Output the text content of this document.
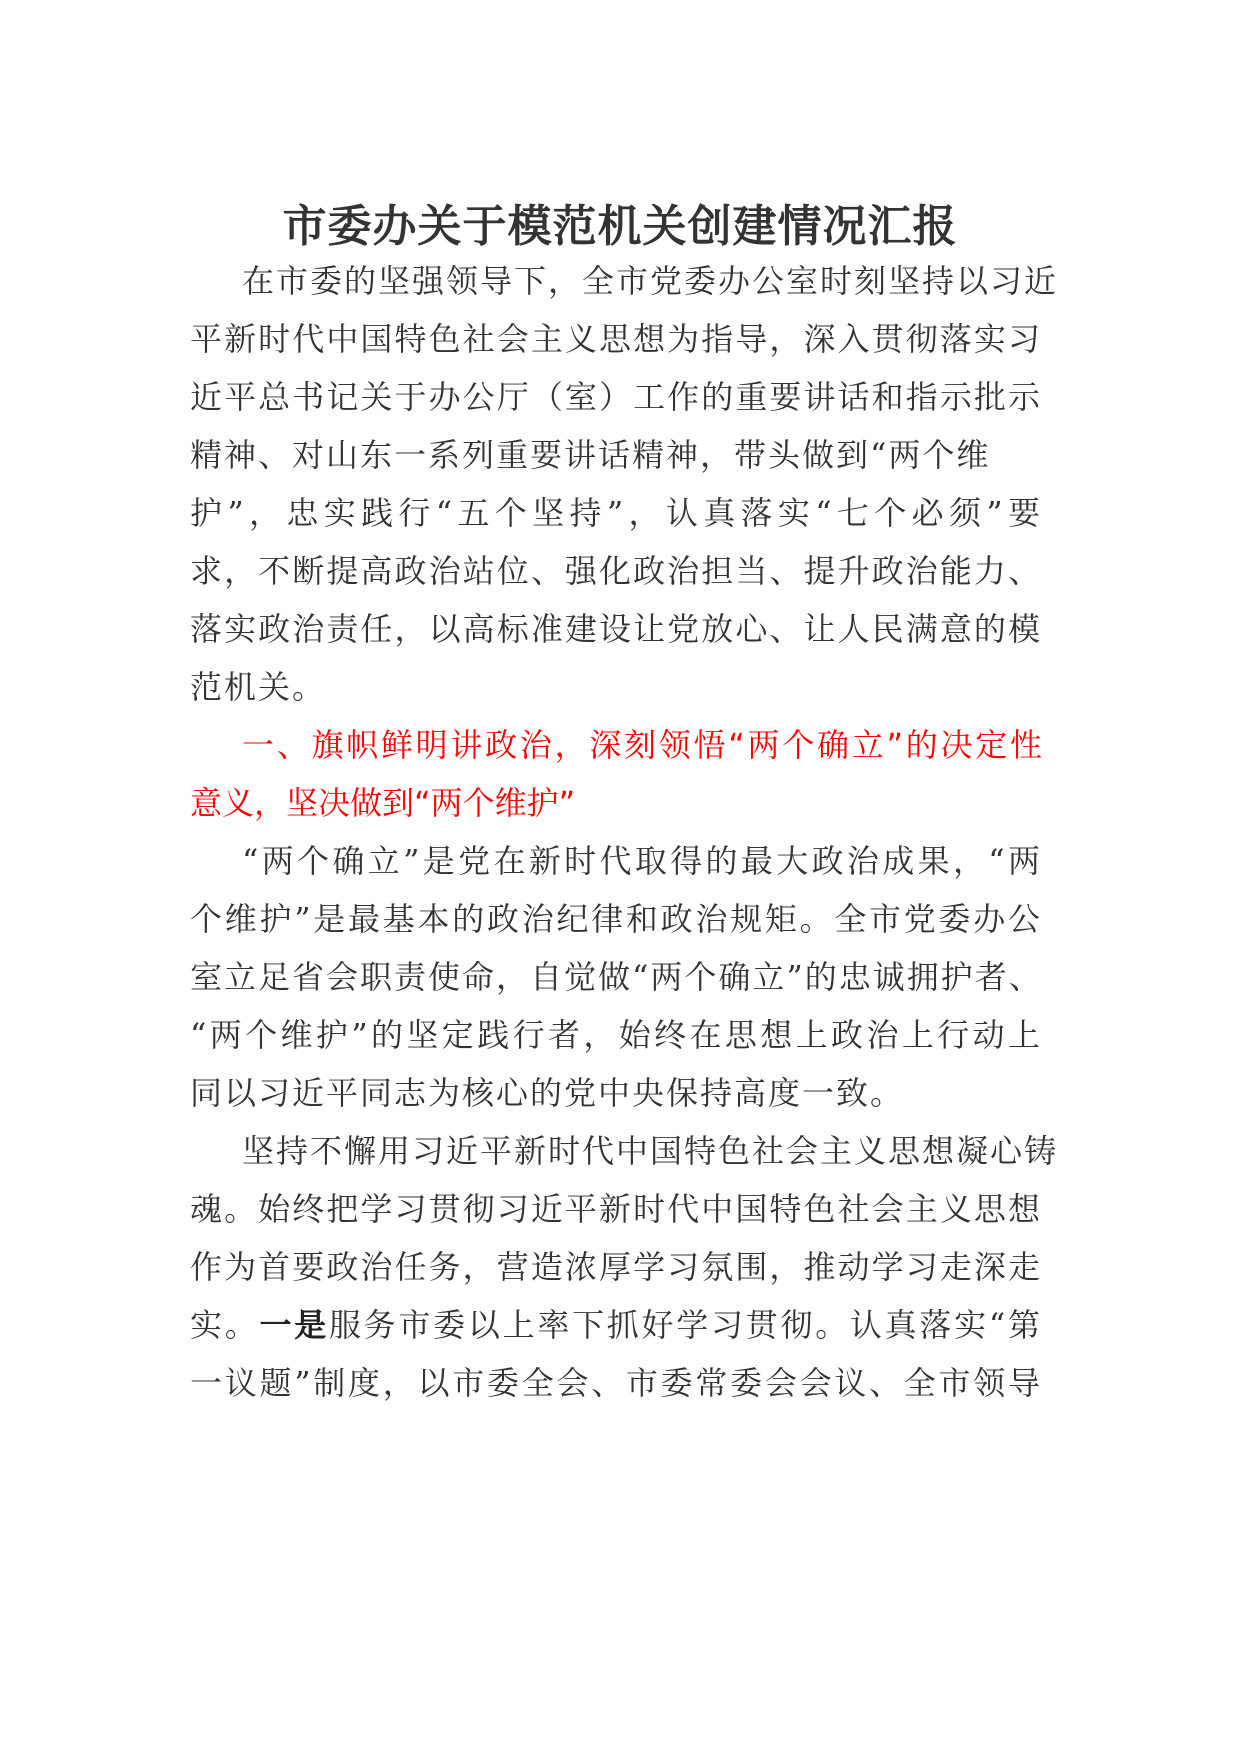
市委办关于模范机关创建情况汇报
在市委的坚强领导下，全市党委办公室时刻坚持以习近
平新时代中国特色社会主义思想为指导，深入贯彻落实习
近平总书记关于办公厅（室）工作的重要讲话和指示批示
精神、对山东一系列重要讲话精神，带头做到“两个维
护”，忠实践行“五个坚持”，认真落实“七个必须”要
求，不断提高政治站位、强化政治担当、提升政治能力、
落实政治责任，以高标准建设让党放心、让人民满意的模
范机关。
一、旗帜鲜明讲政治，深刻领悟“两个确立”的决定性
意义，坚决做到“两个维护”
“两个确立”是党在新时代取得的最大政治成果，“两
个维护”是最基本的政治纪律和政治规矩。全市党委办公
室立足省会职责使命，自觉做“两个确立”的忠诚拥护者、
“两个维护”的坚定践行者，始终在思想上政治上行动上
同以习近平同志为核心的党中央保持高度一致。
坚持不懈用习近平新时代中国特色社会主义思想凝心铸
魂。始终把学习贯彻习近平新时代中国特色社会主义思想
作为首要政治任务，营造浓厚学习氛围，推动学习走深走
实。一是服务市委以上率下抓好学习贯彻。认真落实“第
一议题”制度，以市委全会、市委常委会会议、全市领导
